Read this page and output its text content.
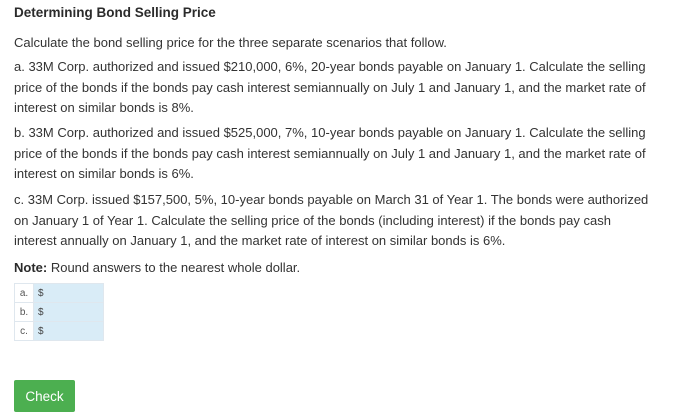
Determining Bond Selling Price
Calculate the bond selling price for the three separate scenarios that follow.
a. 33M Corp. authorized and issued $210,000, 6%, 20-year bonds payable on January 1. Calculate the selling
price of the bonds if the bonds pay cash interest semiannually on July 1 and January 1, and the market rate of
interest on similar bonds is 8%.
b. 33M Corp. authorized and issued $525,000, 7%, 10-year bonds payable on January 1. Calculate the selling
price of the bonds if the bonds pay cash interest semiannually on July 1 and January 1, and the market rate of
interest on similar bonds is 6%.
c. 33M Corp. issued $157,500, 5%, 10-year bonds payable on March 31 of Year 1. The bonds were authorized
on January 1 of Year 1. Calculate the selling price of the bonds (including interest) if the bonds pay cash
interest annually on January 1, and the market rate of interest on similar bonds is 6%.
Note: Round answers to the nearest whole dollar.
a.	$
b.	$
c.	$
Check
